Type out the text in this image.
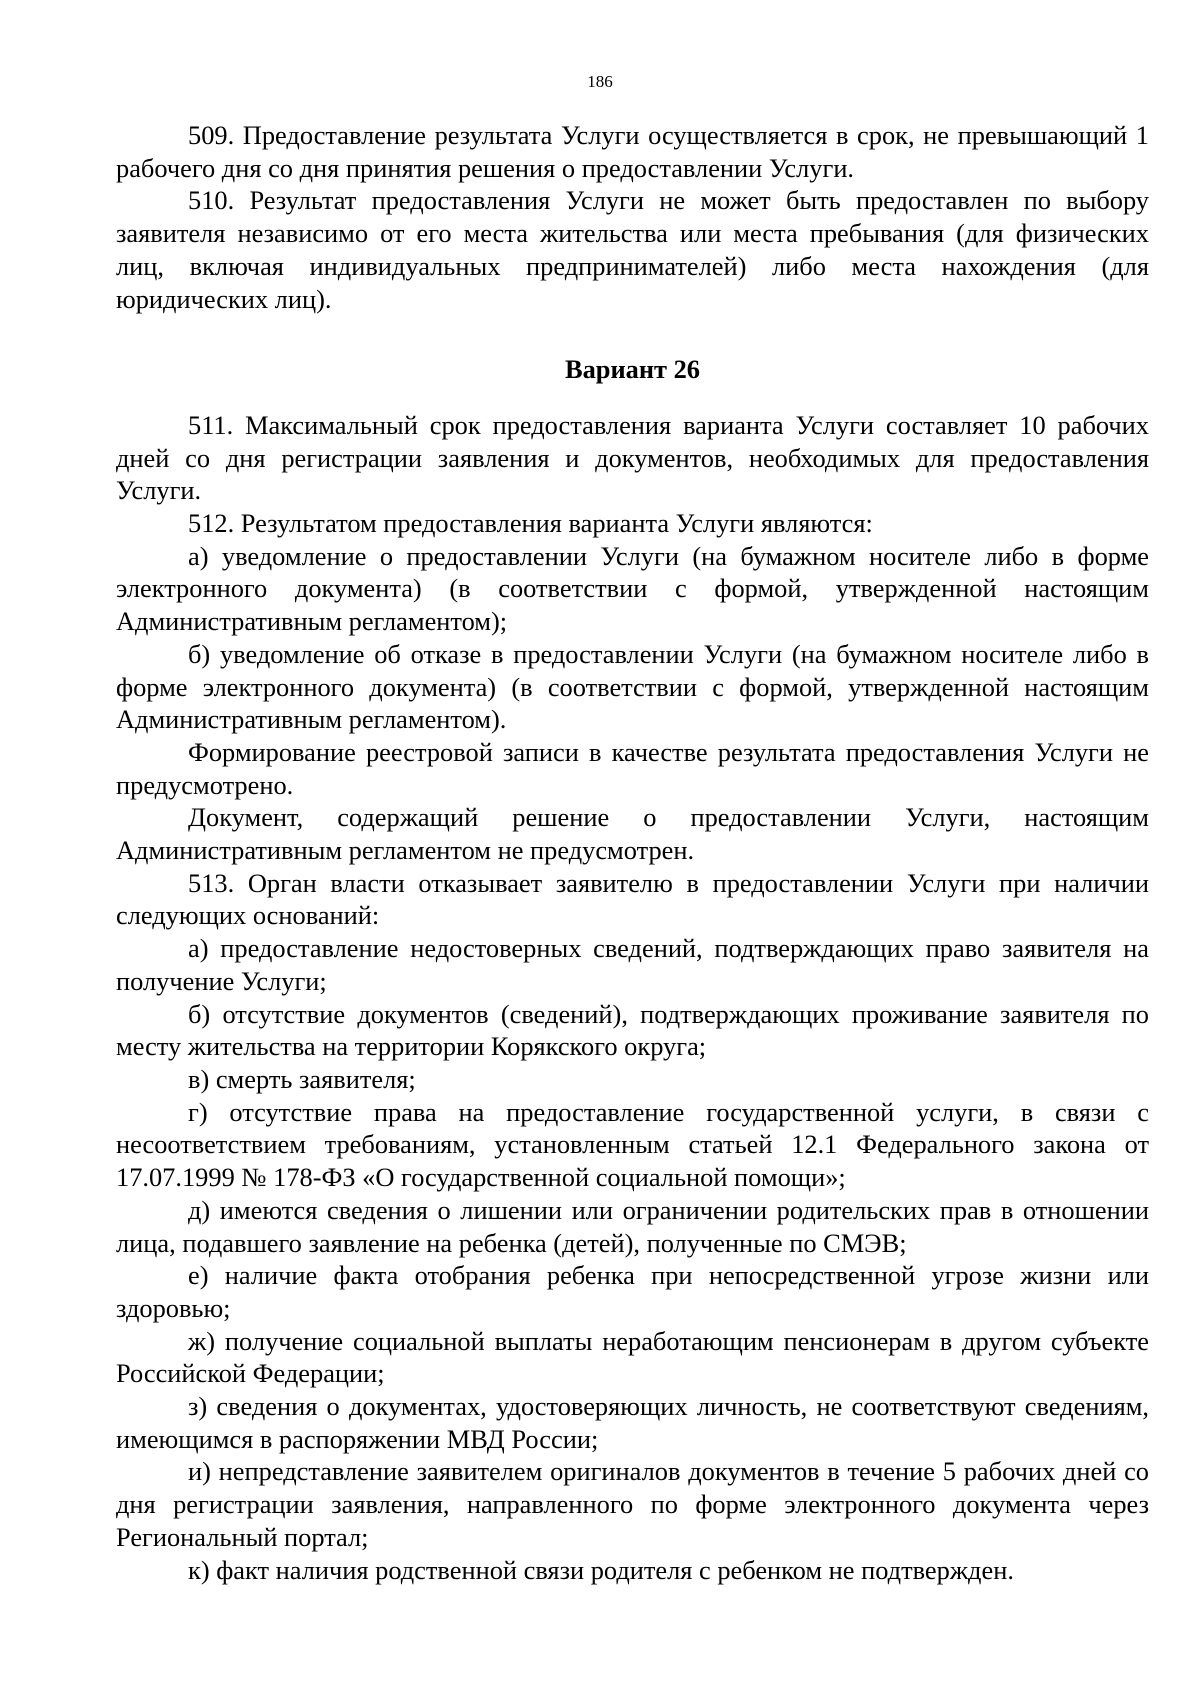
186

509. Предоставление результата Услуги осуществляется в срок, не превышающий 1 рабочего дня со дня принятия решения о предоставлении Услуги.

510. Результат предоставления Услуги не может быть предоставлен по выбору заявителя независимо от его места жительства или места пребывания (для физических лиц, включая индивидуальных предпринимателей) либо места нахождения (для юридических лиц).

Вариант 26

511. Максимальный срок предоставления варианта Услуги составляет 10 рабочих дней со дня регистрации заявления и документов, необходимых для предоставления Услуги.

512. Результатом предоставления варианта Услуги являются:

а) уведомление о предоставлении Услуги (на бумажном носителе либо в форме электронного документа) (в соответствии с формой, утвержденной настоящим Административным регламентом);

б) уведомление об отказе в предоставлении Услуги (на бумажном носителе либо в форме электронного документа) (в соответствии с формой, утвержденной настоящим Административным регламентом).

Формирование реестровой записи в качестве результата предоставления Услуги не предусмотрено.

Документ, содержащий решение о предоставлении Услуги, настоящим Административным регламентом не предусмотрен.

513. Орган власти отказывает заявителю в предоставлении Услуги при наличии следующих оснований:

а) предоставление недостоверных сведений, подтверждающих право заявителя на получение Услуги;

б) отсутствие документов (сведений), подтверждающих проживание заявителя по месту жительства на территории Корякского округа;

в) смерть заявителя;

г) отсутствие права на предоставление государственной услуги, в связи с несоответствием требованиям, установленным статьей 12.1 Федерального закона от 17.07.1999 № 178-ФЗ «О государственной социальной помощи»;

д) имеются сведения о лишении или ограничении родительских прав в отношении лица, подавшего заявление на ребенка (детей), полученные по СМЭВ;

е) наличие факта отобрания ребенка при непосредственной угрозе жизни или здоровью;

ж) получение социальной выплаты неработающим пенсионерам в другом субъекте Российской Федерации;

з) сведения о документах, удостоверяющих личность, не соответствуют сведениям, имеющимся в распоряжении МВД России;

и) непредставление заявителем оригиналов документов в течение 5 рабочих дней со дня регистрации заявления, направленного по форме электронного документа через Региональный портал;

к) факт наличия родственной связи родителя с ребенком не подтвержден.
